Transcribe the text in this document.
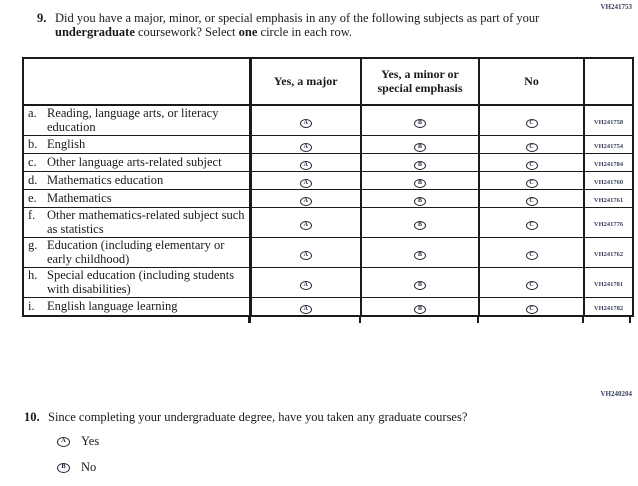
VH241753
9. Did you have a major, minor, or special emphasis in any of the following subjects as part of your undergraduate coursework? Select one circle in each row.
	Yes, a major	Yes, a minor or special emphasis	No	

a. Reading, language arts, or literacy education	A	B	C	VH241758

b. English	A	B	C	VH241754

c. Other language arts-related subject	A	B	C	VH241784

d. Mathematics education	A	B	C	VH241760

e. Mathematics	A	B	C	VH241761

f. Other mathematics-related subject such as statistics	A	B	C	VH241776

g. Education (including elementary or early childhood)	A	B	C	VH241762

h. Special education (including students with disabilities)	A	B	C	VH241781

i. English language learning	A	B	C	VH241782
VH240204
10. Since completing your undergraduate degree, have you taken any graduate courses?
A	Yes
B	No
